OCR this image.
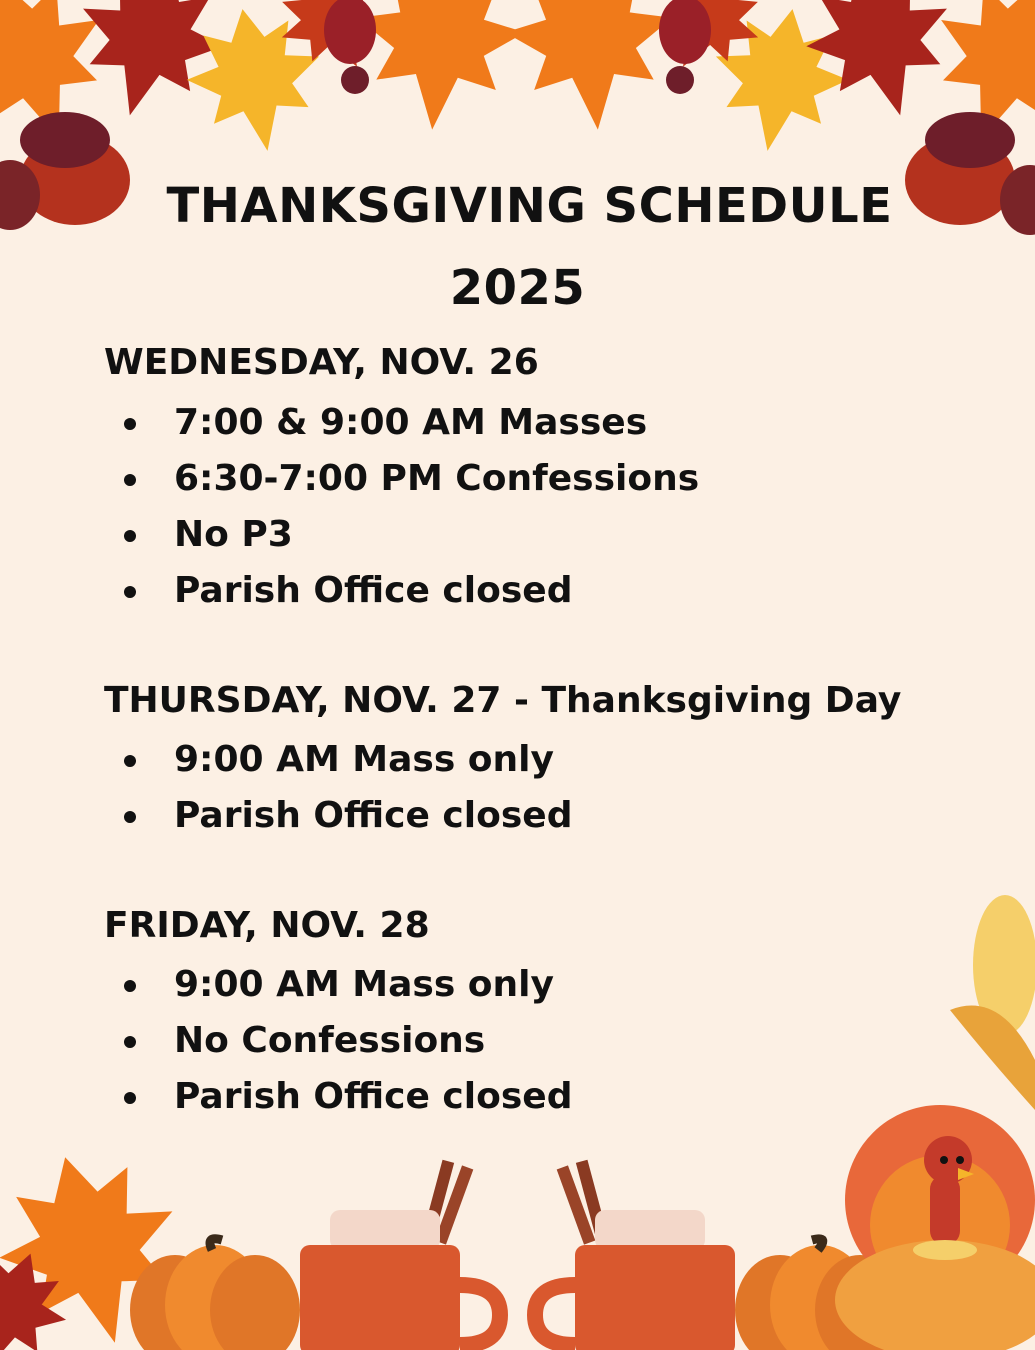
THANKSGIVING SCHEDULE
2025
WEDNESDAY, NOV. 26
7:00 & 9:00 AM Masses
6:30-7:00 PM Confessions
No P3
Parish Office closed
THURSDAY, NOV. 27 - Thanksgiving Day
9:00 AM Mass only
Parish Office closed
FRIDAY, NOV. 28
9:00 AM Mass only
No Confessions
Parish Office closed
